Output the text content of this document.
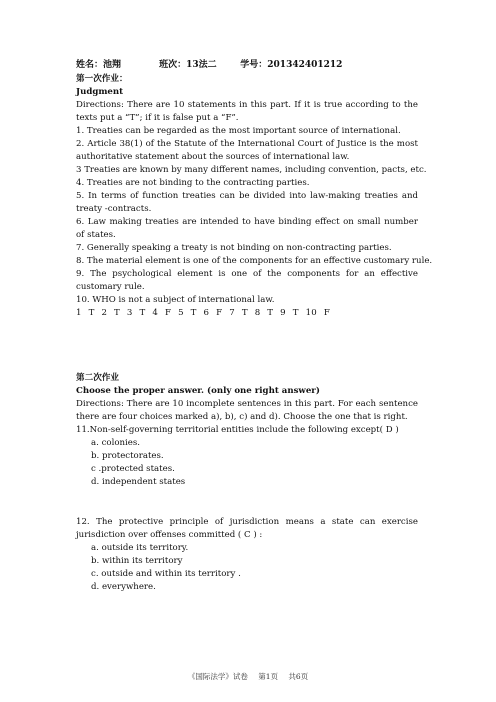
姓名：池翔	班次：13法二	学号：201342401212
第一次作业：
Judgment
Directions: There are 10 statements in this part. If it is true according to the texts put a “T”; if it is false put a “F”.
1. Treaties can be regarded as the most important source of international.
2. Article 38(1) of the Statute of the International Court of Justice is the most authoritative statement about the sources of international law.
3 Treaties are known by many different names, including convention, pacts, etc.
4. Treaties are not binding to the contracting parties.
5. In terms of function treaties can be divided into law-making treaties and treaty -contracts.
6. Law making treaties are intended to have binding effect on small number of states.
7. Generally speaking a treaty is not binding on non-contracting parties.
8. The material element is one of the components for an effective customary rule.
9. The psychological element is one of the components for an effective customary rule.
10. WHO is not a subject of international law.
1 T 2 T 3 T 4 F 5 T 6 F 7 T 8 T 9 T 10 F
第二次作业
Choose the proper answer. (only one right answer)
Directions: There are 10 incomplete sentences in this part. For each sentence there are four choices marked a), b), c) and d). Choose the one that is right.
11.Non-self-governing territorial entities include the following except( D )
a. colonies.
b. protectorates.
c .protected states.
d. independent states
12. The protective principle of jurisdiction means a state can exercise jurisdiction over offenses committed ( C ) :
a. outside its territory.
b. within its territory
c. outside and within its territory .
d. everywhere.
《国际法学》试卷 第1页 共6页
